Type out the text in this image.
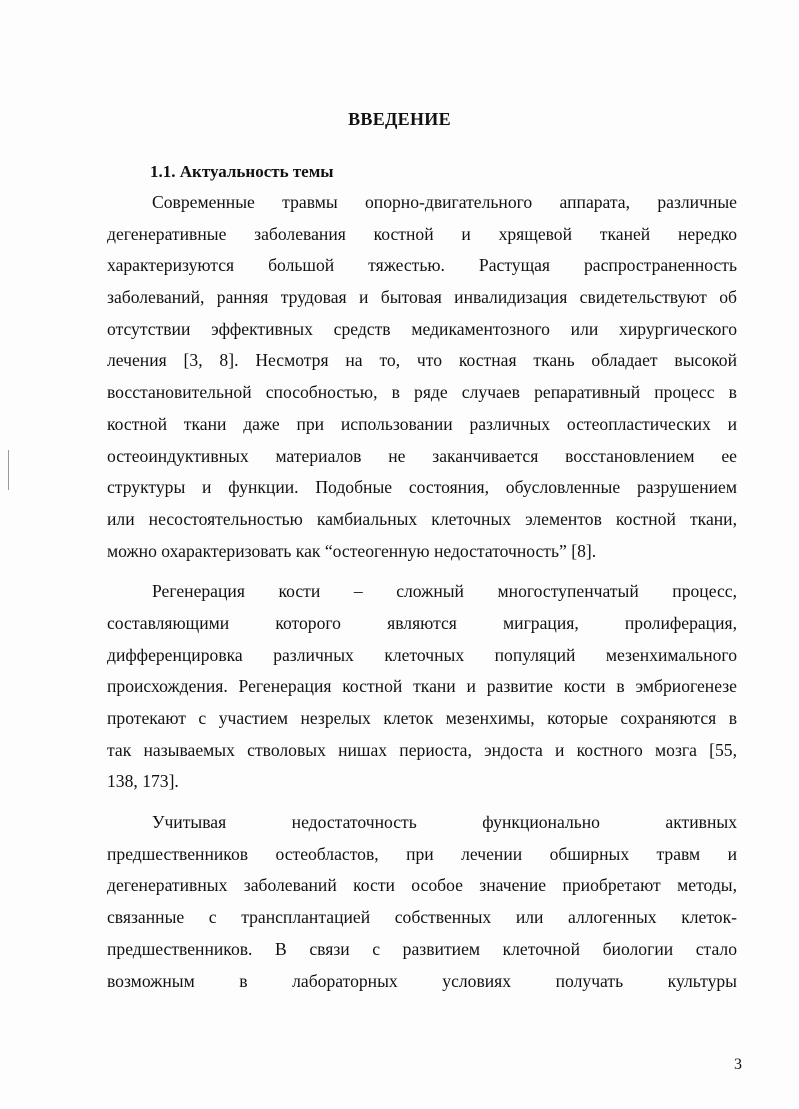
ВВЕДЕНИЕ
1.1. Актуальность темы
Современные травмы опорно-двигательного аппарата, различные
дегенеративные заболевания костной и хрящевой тканей нередко
характеризуются большой тяжестью. Растущая распространенность
заболеваний, ранняя трудовая и бытовая инвалидизация свидетельствуют об
отсутствии эффективных средств медикаментозного или хирургического
лечения [3, 8]. Несмотря на то, что костная ткань обладает высокой
восстановительной способностью, в ряде случаев репаративный процесс в
костной ткани даже при использовании различных остеопластических и
остеоиндуктивных материалов не заканчивается восстановлением ее
структуры и функции. Подобные состояния, обусловленные разрушением
или несостоятельностью камбиальных клеточных элементов костной ткани,
можно охарактеризовать как “остеогенную недостаточность” [8].
Регенерация кости – сложный многоступенчатый процесс,
составляющими которого являются миграция, пролиферация,
дифференцировка различных клеточных популяций мезенхимального
происхождения. Регенерация костной ткани и развитие кости в эмбриогенезе
протекают с участием незрелых клеток мезенхимы, которые сохраняются в
так называемых стволовых нишах периоста, эндоста и костного мозга [55,
138, 173].
Учитывая недостаточность функционально активных
предшественников остеобластов, при лечении обширных травм и
дегенеративных заболеваний кости особое значение приобретают методы,
связанные с трансплантацией собственных или аллогенных клеток-
предшественников. В связи с развитием клеточной биологии стало
возможным в лабораторных условиях получать культуры
3
